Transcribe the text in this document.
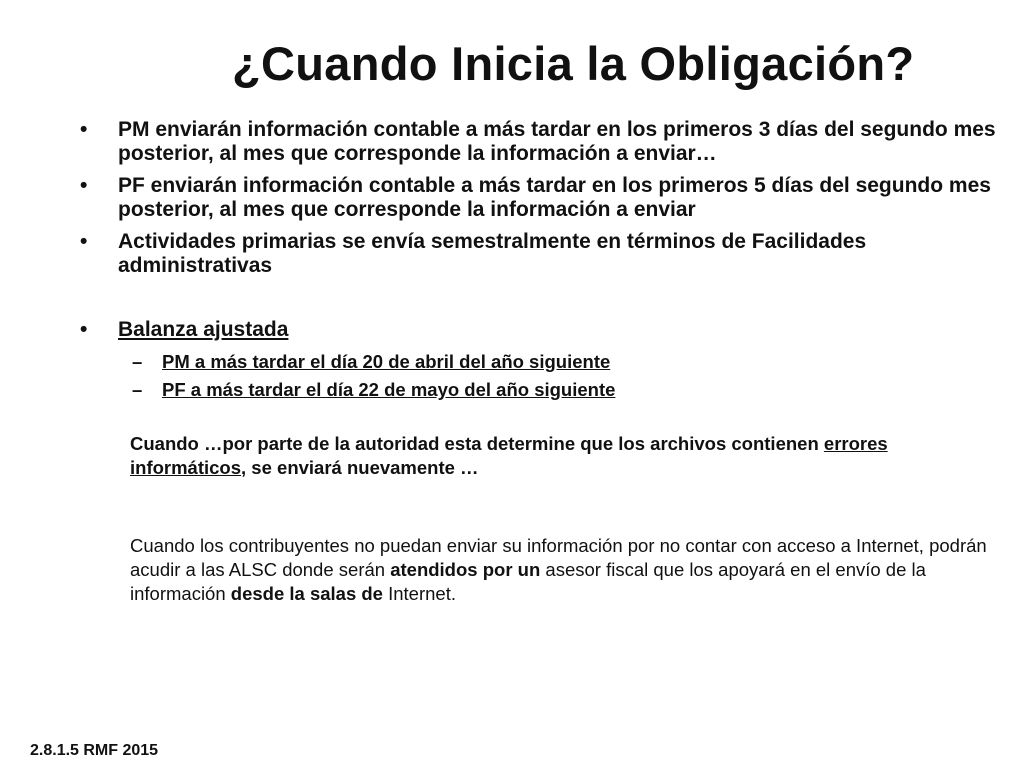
¿Cuando Inicia la Obligación?
• PM enviarán información contable a más tardar en los primeros 3 días del segundo mes posterior, al mes que corresponde la información a enviar…
• PF enviarán información contable a más tardar en los primeros 5 días del segundo mes posterior, al mes que corresponde la información a enviar
• Actividades primarias se envía semestralmente en términos de Facilidades administrativas
• Balanza ajustada
– PM a más tardar el día 20 de abril del año siguiente
– PF a más tardar el día 22 de mayo del año siguiente
Cuando …por parte de la autoridad esta determine que los archivos contienen errores informáticos, se enviará nuevamente …
Cuando los contribuyentes no puedan enviar su información por no contar con acceso a Internet, podrán acudir a las ALSC donde serán atendidos por un asesor fiscal que los apoyará en el envío de la información desde la salas de Internet.
2.8.1.5 RMF 2015
